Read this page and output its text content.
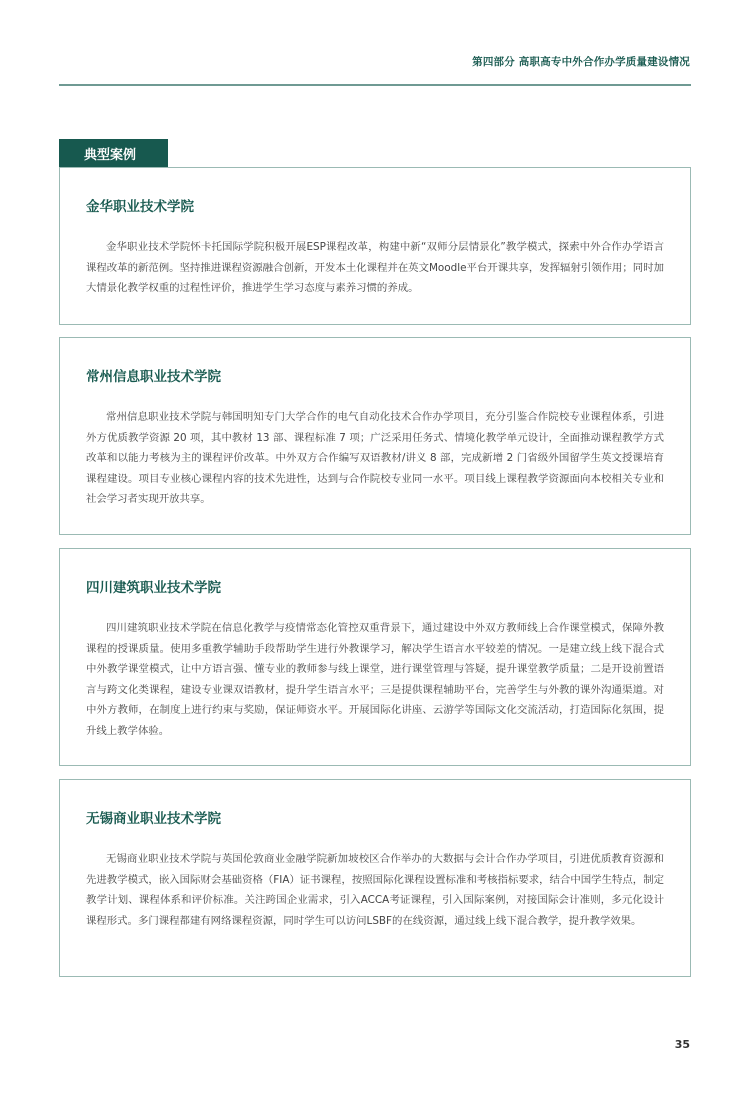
第四部分 高职高专中外合作办学质量建设情况
典型案例
金华职业技术学院

金华职业技术学院怀卡托国际学院积极开展ESP课程改革，构建中新“双师分层情景化”教学模式，探索中外合作办学语言课程改革的新范例。坚持推进课程资源融合创新，开发本土化课程并在英文Moodle平台开课共享，发挥辐射引领作用；同时加大情景化教学权重的过程性评价，推进学生学习态度与素养习惯的养成。

常州信息职业技术学院

常州信息职业技术学院与韩国明知专门大学合作的电气自动化技术合作办学项目，充分引鉴合作院校专业课程体系，引进外方优质教学资源 20 项，其中教材 13 部、课程标准 7 项；广泛采用任务式、情境化教学单元设计，全面推动课程教学方式改革和以能力考核为主的课程评价改革。中外双方合作编写双语教材/讲义 8 部，完成新增 2 门省级外国留学生英文授课培育课程建设。项目专业核心课程内容的技术先进性，达到与合作院校专业同一水平。项目线上课程教学资源面向本校相关专业和社会学习者实现开放共享。

四川建筑职业技术学院

四川建筑职业技术学院在信息化教学与疫情常态化管控双重背景下，通过建设中外双方教师线上合作课堂模式，保障外教课程的授课质量。使用多重教学辅助手段帮助学生进行外教课学习，解决学生语言水平较差的情况。一是建立线上线下混合式中外教学课堂模式，让中方语言强、懂专业的教师参与线上课堂，进行课堂管理与答疑，提升课堂教学质量；二是开设前置语言与跨文化类课程，建设专业课双语教材，提升学生语言水平；三是提供课程辅助平台，完善学生与外教的课外沟通渠道。对中外方教师，在制度上进行约束与奖励，保证师资水平。开展国际化讲座、云游学等国际文化交流活动，打造国际化氛围，提升线上教学体验。

无锡商业职业技术学院

无锡商业职业技术学院与英国伦敦商业金融学院新加坡校区合作举办的大数据与会计合作办学项目，引进优质教育资源和先进教学模式，嵌入国际财会基础资格（FIA）证书课程，按照国际化课程设置标准和考核指标要求，结合中国学生特点，制定教学计划、课程体系和评价标准。关注跨国企业需求，引入ACCA考证课程，引入国际案例，对接国际会计准则，多元化设计课程形式。多门课程都建有网络课程资源，同时学生可以访问LSBF的在线资源，通过线上线下混合教学，提升教学效果。

35
